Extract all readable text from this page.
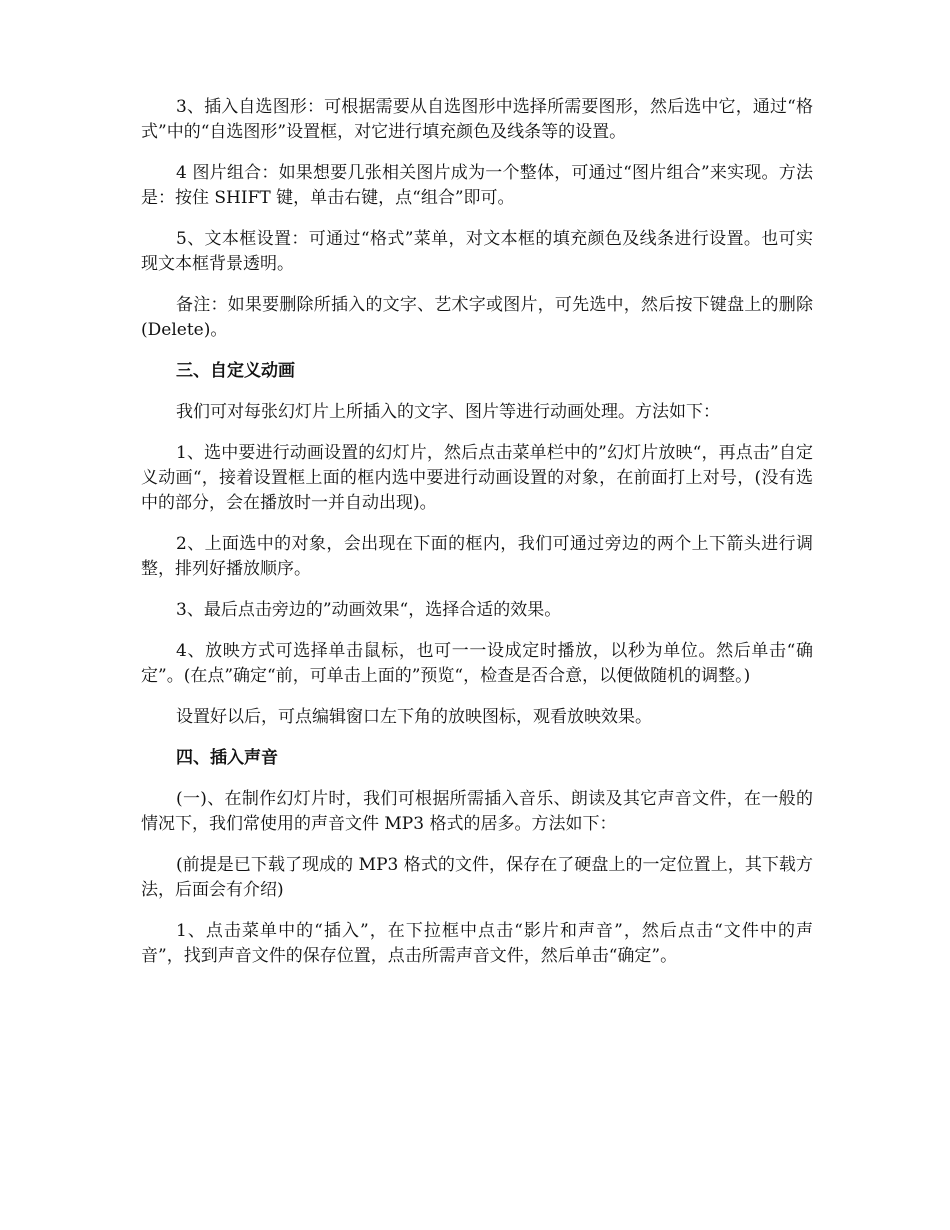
3、插入自选图形：可根据需要从自选图形中选择所需要图形，然后选中它，通过“格式”中的“自选图形”设置框，对它进行填充颜色及线条等的设置。

4 图片组合：如果想要几张相关图片成为一个整体，可通过“图片组合”来实现。方法是：按住 SHIFT 键，单击右键，点“组合”即可。

5、文本框设置：可通过“格式”菜单，对文本框的填充颜色及线条进行设置。也可实现文本框背景透明。

备注：如果要删除所插入的文字、艺术字或图片，可先选中，然后按下键盘上的删除(Delete)。

三、自定义动画

我们可对每张幻灯片上所插入的文字、图片等进行动画处理。方法如下：

1、选中要进行动画设置的幻灯片，然后点击菜单栏中的”幻灯片放映“，再点击”自定义动画“，接着设置框上面的框内选中要进行动画设置的对象，在前面打上对号，(没有选中的部分，会在播放时一并自动出现)。

2、上面选中的对象，会出现在下面的框内，我们可通过旁边的两个上下箭头进行调整，排列好播放顺序。

3、最后点击旁边的”动画效果“，选择合适的效果。

4、放映方式可选择单击鼠标，也可一一设成定时播放，以秒为单位。然后单击“确定”。(在点”确定“前，可单击上面的”预览“，检查是否合意，以便做随机的调整。)

设置好以后，可点编辑窗口左下角的放映图标，观看放映效果。

四、插入声音

(一)、在制作幻灯片时，我们可根据所需插入音乐、朗读及其它声音文件，在一般的情况下，我们常使用的声音文件 MP3 格式的居多。方法如下：

(前提是已下载了现成的 MP3 格式的文件，保存在了硬盘上的一定位置上，其下载方法，后面会有介绍)

1、点击菜单中的“插入”，在下拉框中点击“影片和声音”，然后点击“文件中的声音”，找到声音文件的保存位置，点击所需声音文件，然后单击“确定”。
